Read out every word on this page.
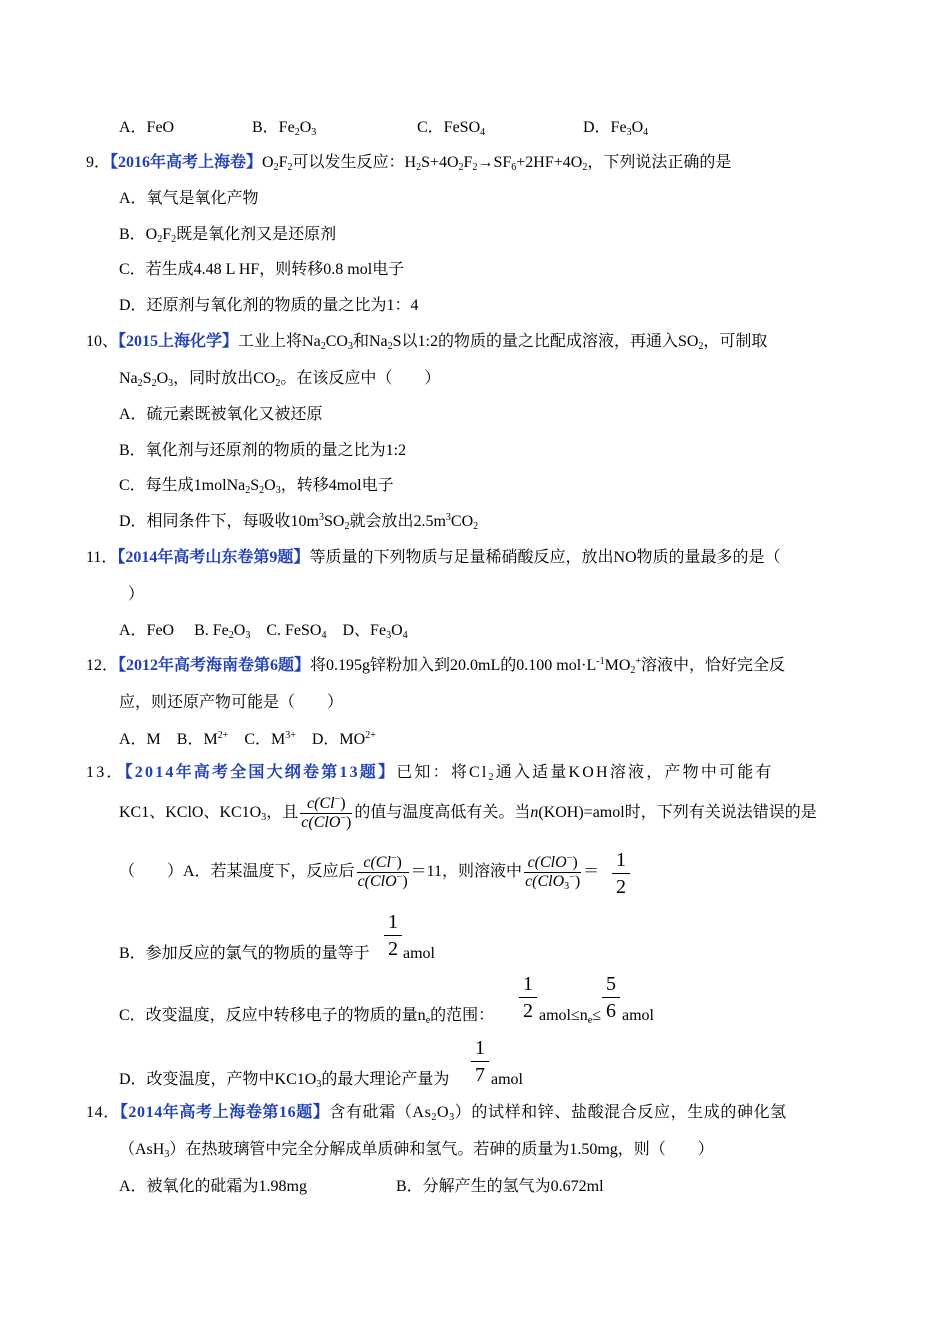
A．FeO	B．$Fe_2O_3$	C．FeSO$_4$	D．$Fe_3O_4$
9．【2016年高考上海卷】$O_2F_2$可以发生反应：$H_2S+4O_2F_2\to SF_6+2HF+4O_2$，下列说法正确的是
A．氧气是氧化产物
B．$O_2F_2$既是氧化剂又是还原剂
C．若生成4.48 L HF，则转移0.8 mol电子
D．还原剂与氧化剂的物质的量之比为1：4
10、【2015上海化学】工业上将$Na_2CO_3$和$Na_2S$以1:2的物质的量之比配成溶液，再通入$SO_2$，可制取
$Na_2S_2O_3$，同时放出$CO_2$。在该反应中（　　）
A．硫元素既被氧化又被还原
B．氧化剂与还原剂的物质的量之比为1:2
C．每生成$1molNa_2S_2O_3$，转移4mol电子
D．相同条件下，每吸收$10m^3SO_2$就会放出$2.5m^3CO_2$
11．【2014年高考山东卷第9题】等质量的下列物质与足量稀硝酸反应，放出NO物质的量最多的是（
）
A．FeO　 B. $Fe_2O_3$　C. FeSO$_4$　D、$Fe_3O_4$
12．【2012年高考海南卷第6题】将0.195g锌粉加入到20.0mL的0.100 $mol\cdot L^{-1}MO_2^+$溶液中，恰好完全反
应，则还原产物可能是（　　）
A．M　B．$M^{2+}$　C．$M^{3+}$　D．$MO^{2+}$
13．【2014年高考全国大纲卷第13题】已知：将$Cl_2$通入适量KOH溶液，产物中可能有
KC1、KClO、$KC1O_3$，且 $\frac{c(Cl^-)}{c(ClO^-)}$ 的值与温度高低有关。当n(KOH)=amol时，下列有关说法错误的是
（　　）A．若某温度下，反应后 $\frac{c(Cl^-)}{c(ClO^-)} =11$，则溶液中 $\frac{c(ClO^-)}{c(ClO_3^-)}$ ＝
1
2
1
2
B．参加反应的氯气的物质的量等于 amol
C．改变温度，反应中转移电子的物质的量$n_e$的范围：
1
2 $amol\le n_e\le$
5
6 amol
D．改变温度，产物中$KC1O_3$的最大理论产量为
1
7 amol
14．【2014年高考上海卷第16题】含有砒霜$(As_2O_3)$的试样和锌、盐酸混合反应，生成的砷化氢
（AsH$_3$）在热玻璃管中完全分解成单质砷和氢气。若砷的质量为1.50mg，则（　　）
A．被氧化的砒霜为1.98mg	B．分解产生的氢气为0.672ml
